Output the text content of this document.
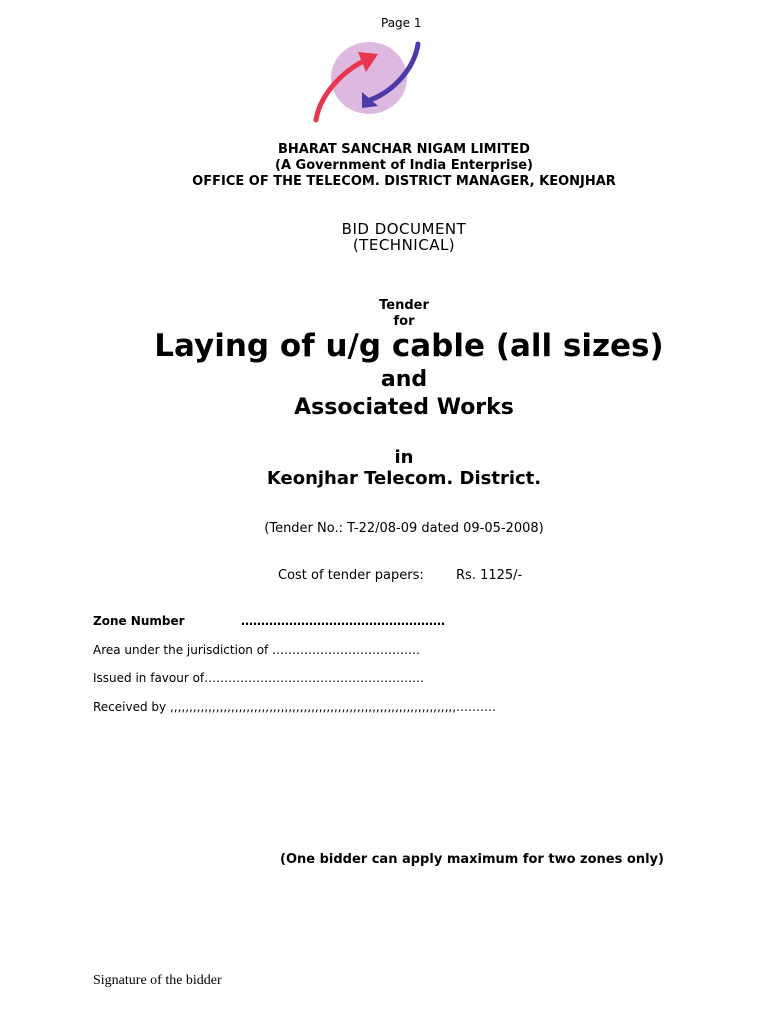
Page 1
BHARAT SANCHAR NIGAM LIMITED
(A Government of India Enterprise)
OFFICE OF THE TELECOM. DISTRICT MANAGER, KEONJHAR
BID DOCUMENT
(TECHNICAL)
Tender
for
Laying of u/g cable (all sizes)
and
Associated Works
in
Keonjhar Telecom. District.
(Tender No.: T-22/08-09 dated 09-05-2008)
Cost of tender papers: Rs. 1125/-
Zone Number	……………………………………………
Area under the jurisdiction of ……………………………….
Issued in favour of……………………………………………….
Received by ,,,,,,,,,,,,,,,,,,,,,,,,,,,,,,,,,,,,,,,,,,,,,,,,,,,,,,,,,,,,,,,,,,,,,,,,,,,……….
(One bidder can apply maximum for two zones only)
Signature of the bidder
